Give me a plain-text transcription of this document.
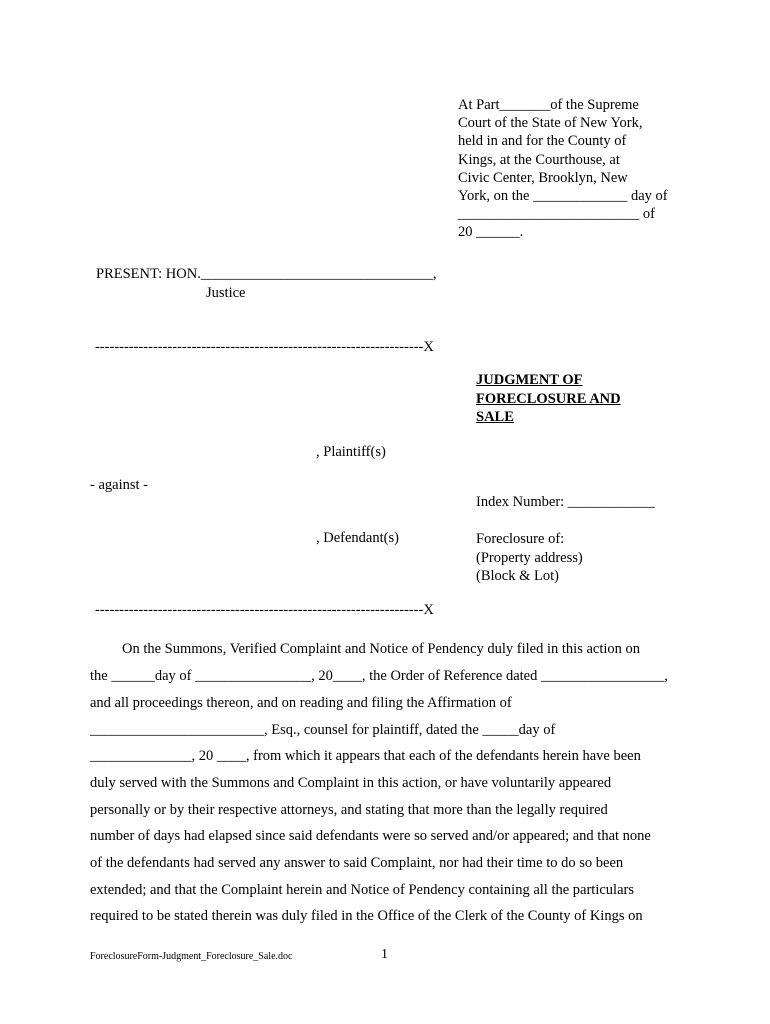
At Part_______of the Supreme
Court of the State of New York,
held in and for the County of
Kings, at the Courthouse, at
Civic Center, Brooklyn, New
York, on the _____________ day of
_________________________ of
20 ______.
PRESENT: HON.________________________________,
Justice
--------------------------------------------------------------------X
JUDGMENT OF
FORECLOSURE AND
SALE
, Plaintiff(s)
- against -
Index Number: ____________
, Defendant(s)	Foreclosure of:
(Property address)
(Block & Lot)
--------------------------------------------------------------------X
On the Summons, Verified Complaint and Notice of Pendency duly filed in this action on
the ______day of ________________, 20____, the Order of Reference dated _________________,
and all proceedings thereon, and on reading and filing the Affirmation of
________________________, Esq., counsel for plaintiff, dated the _____day of
______________, 20 ____, from which it appears that each of the defendants herein have been
duly served with the Summons and Complaint in this action, or have voluntarily appeared
personally or by their respective attorneys, and stating that more than the legally required
number of days had elapsed since said defendants were so served and/or appeared; and that none
of the defendants had served any answer to said Complaint, nor had their time to do so been
extended; and that the Complaint herein and Notice of Pendency containing all the particulars
required to be stated therein was duly filed in the Office of the Clerk of the County of Kings on
ForeclosureForm-Judgment_Foreclosure_Sale.doc	1
